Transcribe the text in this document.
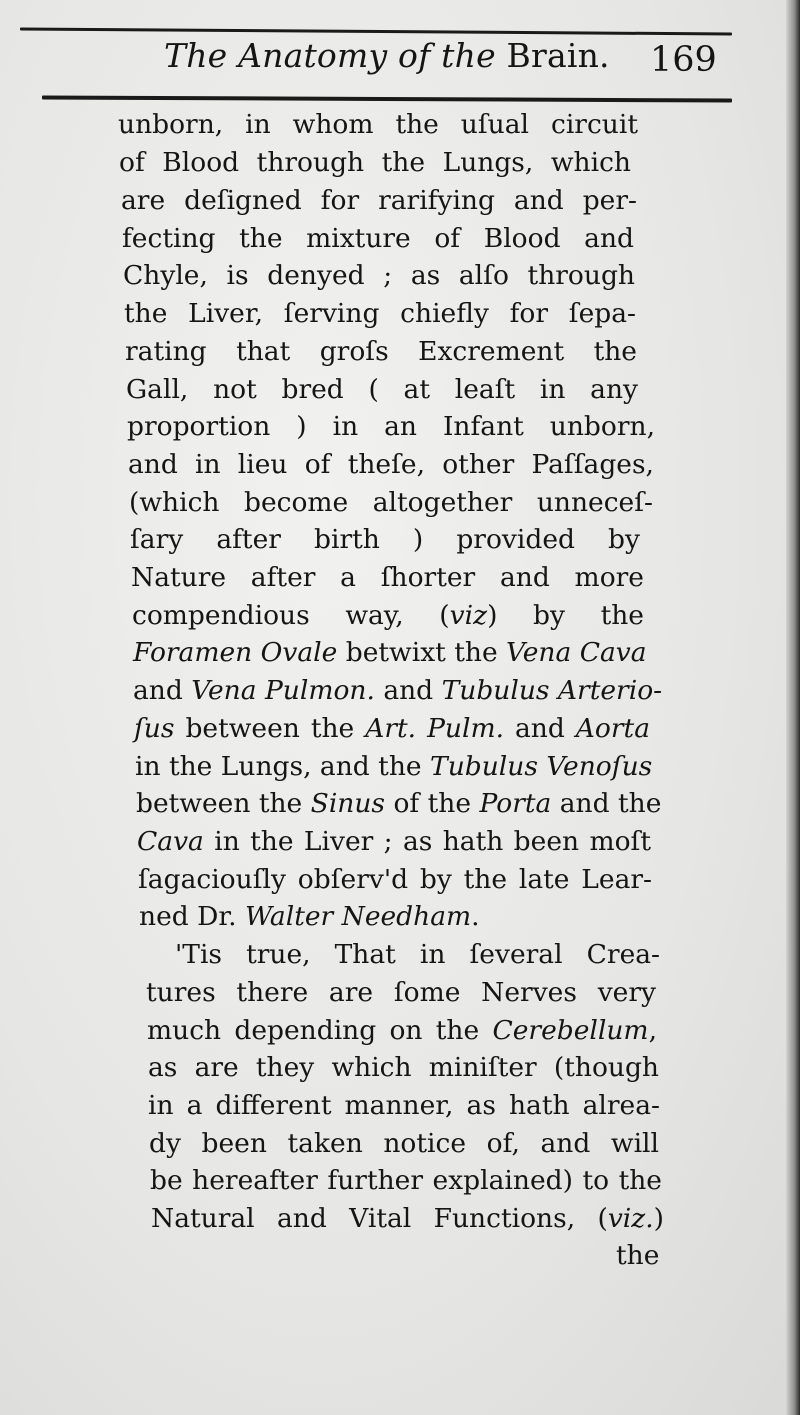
The Anatomy of the Brain. 169
unborn, in whom the uſual circuit
of Blood through the Lungs, which
are deſigned for rarifying and per-
fecting the mixture of Blood and
Chyle, is denyed ; as alſo through
the Liver, ſerving chiefly for ſepa-
rating that groſs Excrement the
Gall, not bred ( at leaſt in any
proportion ) in an Infant unborn,
and in lieu of theſe, other Paſſages,
(which become altogether unneceſ-
ſary after birth ) provided by
Nature after a ſhorter and more
compendious way, (viz) by the
Foramen Ovale betwixt the Vena Cava
and Vena Pulmon. and Tubulus Arterio-
ſus between the Art. Pulm. and Aorta
in the Lungs, and the Tubulus Venoſus
between the Sinus of the Porta and the
Cava in the Liver ; as hath been moſt
ſagaciouſly obſerv'd by the late Lear-
ned Dr. Walter Needham.
'Tis true, That in ſeveral Crea-
tures there are ſome Nerves very
much depending on the Cerebellum,
as are they which miniſter (though
in a different manner, as hath alrea-
dy been taken notice of, and will
be hereafter further explained) to the
Natural and Vital Functions, (viz.)
the
